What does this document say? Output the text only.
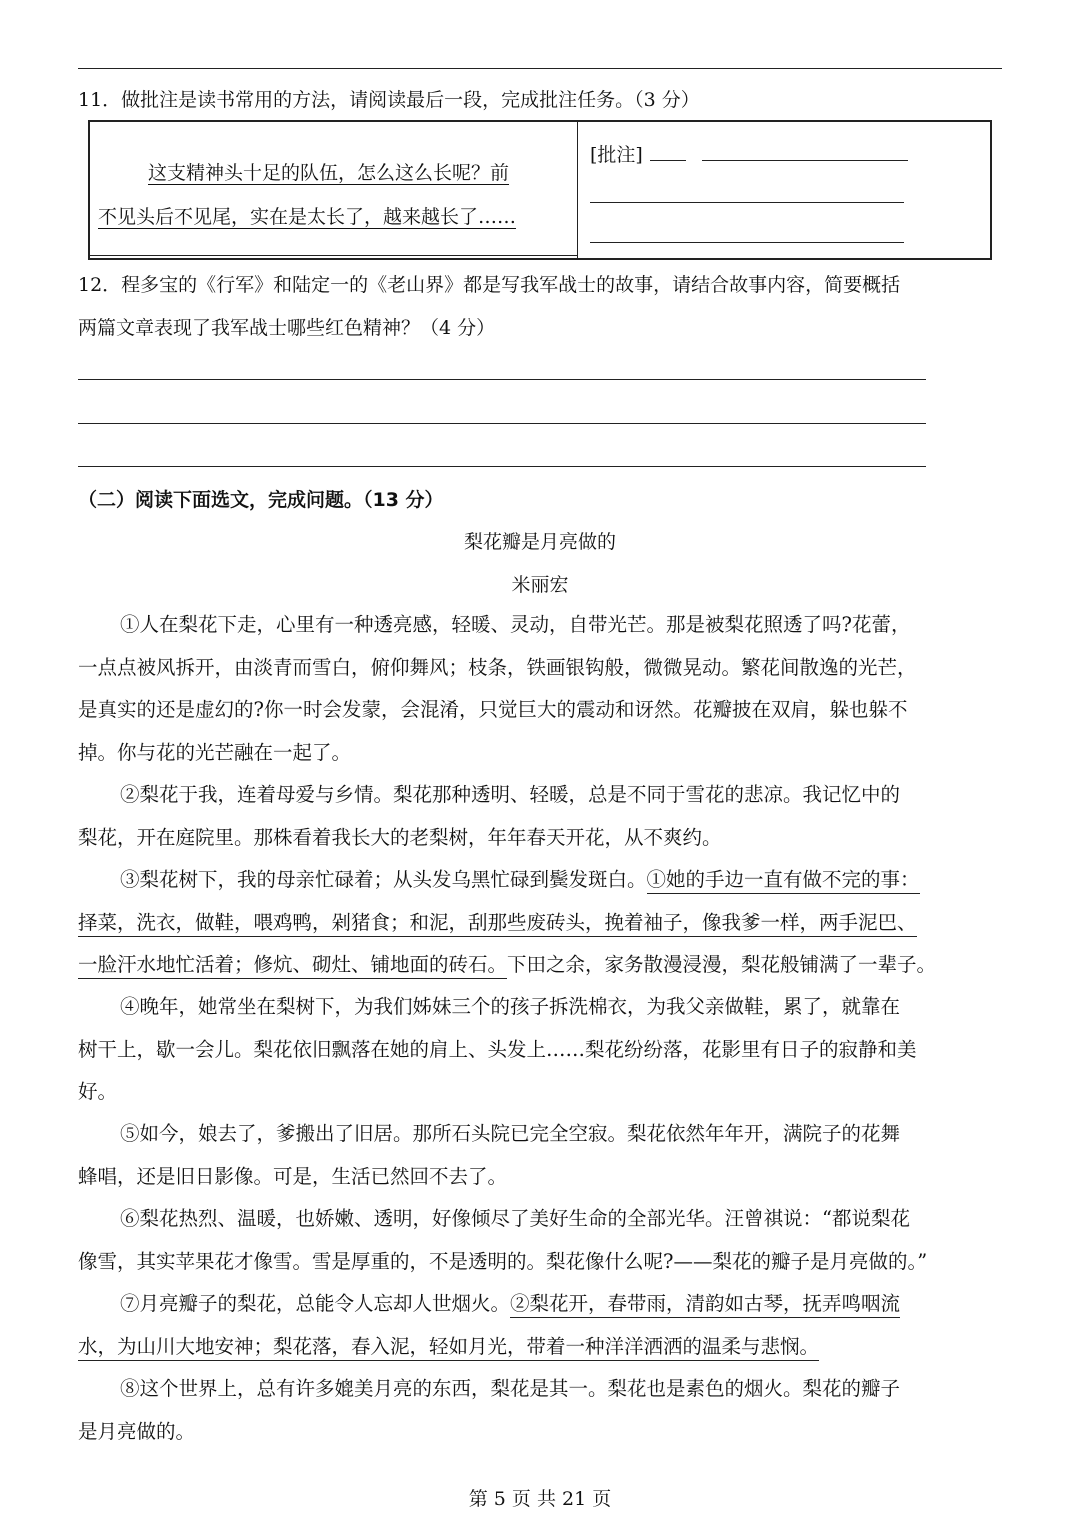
11．做批注是读书常用的方法，请阅读最后一段，完成批注任务。（3 分）
这支精神头十足的队伍，怎么这么长呢？前
不见头后不见尾，实在是太长了，越来越长了……
[批注]
12．程多宝的《行军》和陆定一的《老山界》都是写我军战士的故事，请结合故事内容，简要概括
两篇文章表现了我军战士哪些红色精神？（4 分）
（二）阅读下面选文，完成问题。（13 分）
梨花瓣是月亮做的
米丽宏
①人在梨花下走，心里有一种透亮感，轻暖、灵动，自带光芒。那是被梨花照透了吗?花蕾，
一点点被风拆开，由淡青而雪白，俯仰舞风；枝条，铁画银钩般，微微晃动。繁花间散逸的光芒，
是真实的还是虚幻的?你一时会发蒙，会混淆，只觉巨大的震动和讶然。花瓣披在双肩，躲也躲不
掉。你与花的光芒融在一起了。
②梨花于我，连着母爱与乡情。梨花那种透明、轻暖，总是不同于雪花的悲凉。我记忆中的
梨花，开在庭院里。那株看着我长大的老梨树，年年春天开花，从不爽约。
③梨花树下，我的母亲忙碌着；从头发乌黑忙碌到鬓发斑白。①她的手边一直有做不完的事：
择菜，洗衣，做鞋，喂鸡鸭，剁猪食；和泥，刮那些废砖头，挽着袖子，像我爹一样，两手泥巴、
一脸汗水地忙活着；修炕、砌灶、铺地面的砖石。下田之余，家务散漫浸漫，梨花般铺满了一辈子。
④晚年，她常坐在梨树下，为我们姊妹三个的孩子拆洗棉衣，为我父亲做鞋，累了，就靠在
树干上，歇一会儿。梨花依旧飘落在她的肩上、头发上……梨花纷纷落，花影里有日子的寂静和美
好。
⑤如今，娘去了，爹搬出了旧居。那所石头院已完全空寂。梨花依然年年开，满院子的花舞
蜂唱，还是旧日影像。可是，生活已然回不去了。
⑥梨花热烈、温暖，也娇嫩、透明，好像倾尽了美好生命的全部光华。汪曾祺说：“都说梨花
像雪，其实苹果花才像雪。雪是厚重的，不是透明的。梨花像什么呢?——梨花的瓣子是月亮做的。”
⑦月亮瓣子的梨花，总能令人忘却人世烟火。②梨花开，春带雨，清韵如古琴，抚弄鸣咽流
水，为山川大地安神；梨花落，春入泥，轻如月光，带着一种洋洋洒洒的温柔与悲悯。
⑧这个世界上，总有许多媲美月亮的东西，梨花是其一。梨花也是素色的烟火。梨花的瓣子
是月亮做的。
第 5 页 共 21 页
